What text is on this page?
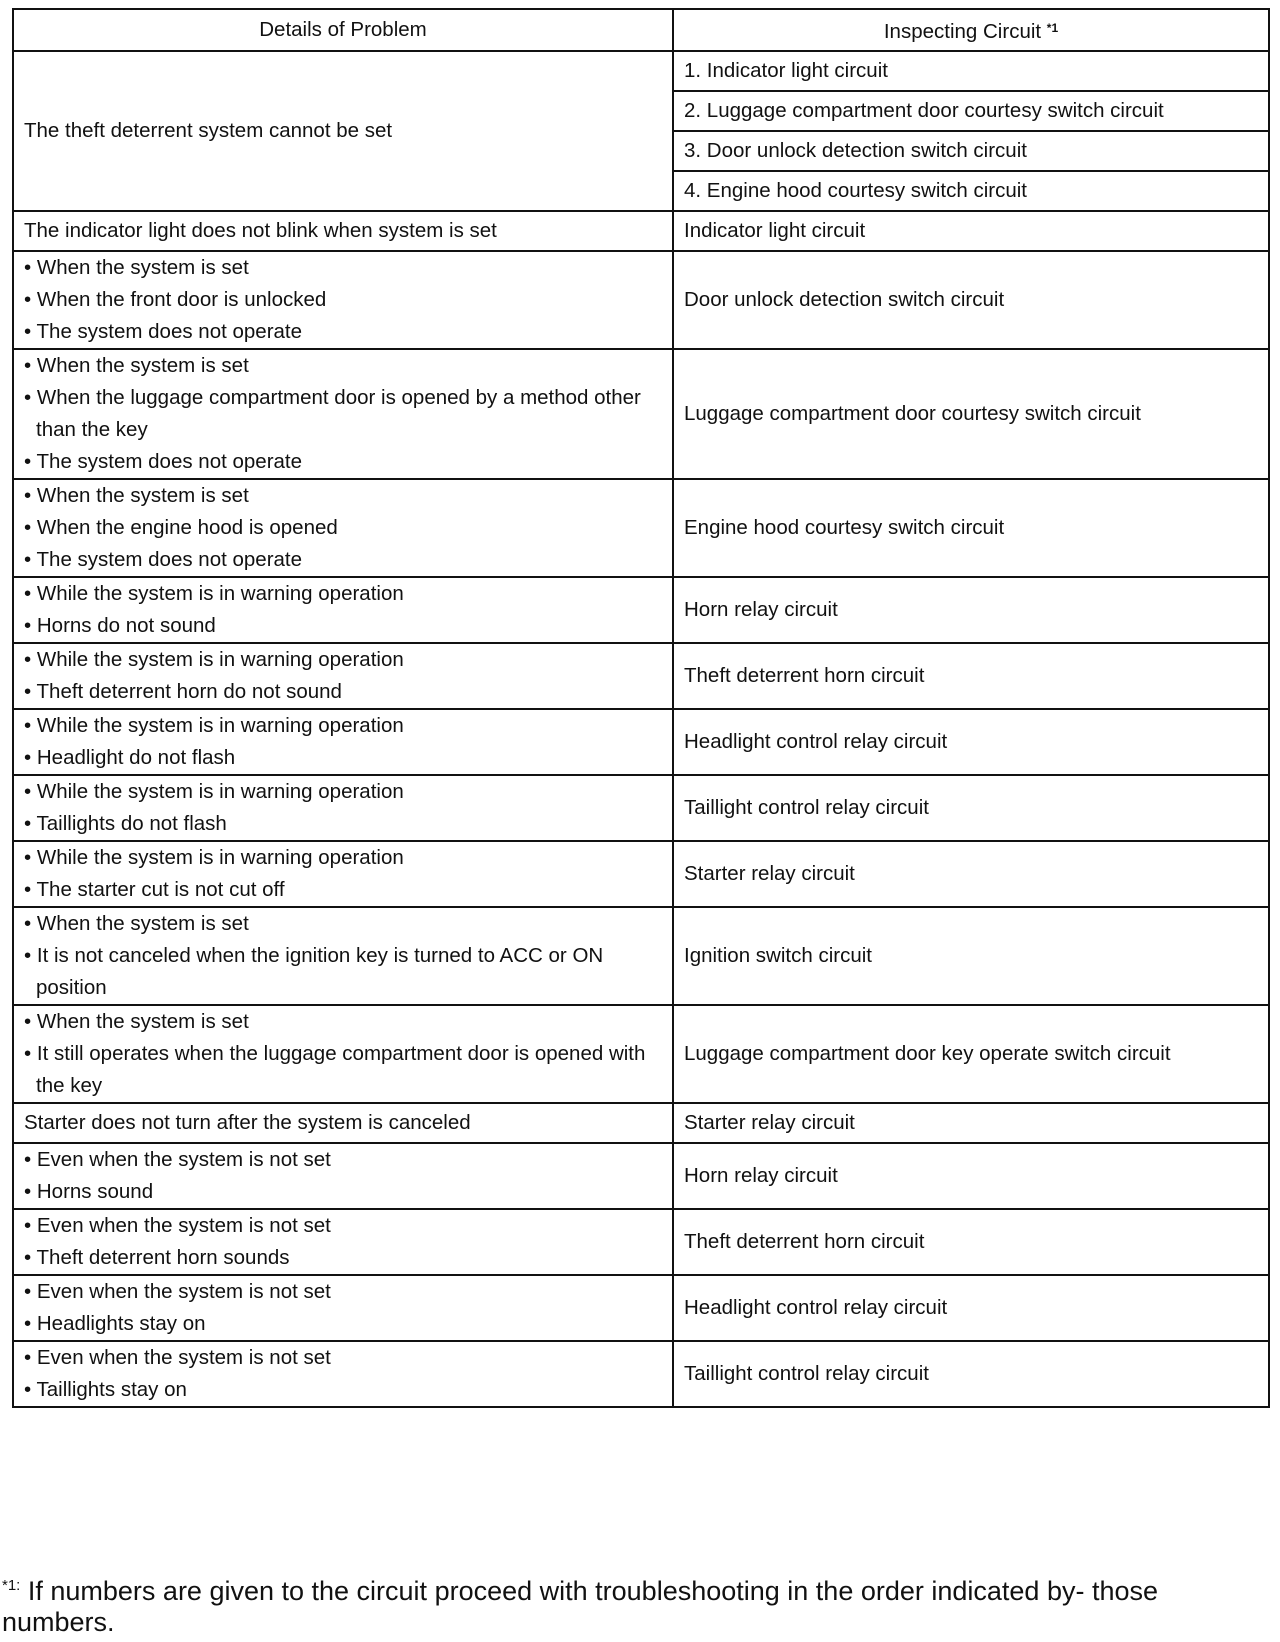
Details of Problem	Inspecting Circuit $^{*1}$
The theft deterrent system cannot be set	1. Indicator light circuit
	2. Luggage compartment door courtesy switch circuit
	3. Door unlock detection switch circuit
	4. Engine hood courtesy switch circuit
The indicator light does not blink when system is set	Indicator light circuit

• When the system is set
• When the front door is unlocked
• The system does not operate	Door unlock detection switch circuit

• When the system is set
• When the luggage compartment door is opened by a method other than the key
• The system does not operate	Luggage compartment door courtesy switch circuit

• When the system is set
• When the engine hood is opened
• The system does not operate	Engine hood courtesy switch circuit

• While the system is in warning operation
• Horns do not sound	Horn relay circuit

• While the system is in warning operation
• Theft deterrent horn do not sound	Theft deterrent horn circuit

• While the system is in warning operation
• Headlight do not flash	Headlight control relay circuit

• While the system is in warning operation
• Taillights do not flash	Taillight control relay circuit

• While the system is in warning operation
• The starter cut is not cut off	Starter relay circuit

• When the system is set
• It is not canceled when the ignition key is turned to ACC or ON position	Ignition switch circuit

• When the system is set
• It still operates when the luggage compartment door is opened with the key	Luggage compartment door key operate switch circuit
Starter does not turn after the system is canceled	Starter relay circuit

• Even when the system is not set
• Horns sound	Horn relay circuit

• Even when the system is not set
• Theft deterrent horn sounds	Theft deterrent horn circuit

• Even when the system is not set
• Headlights stay on	Headlight control relay circuit

• Even when the system is not set
• Taillights stay on	Taillight control relay circuit
$^{*1:}$ If numbers are given to the circuit proceed with troubleshooting in the order indicated by- those numbers.
